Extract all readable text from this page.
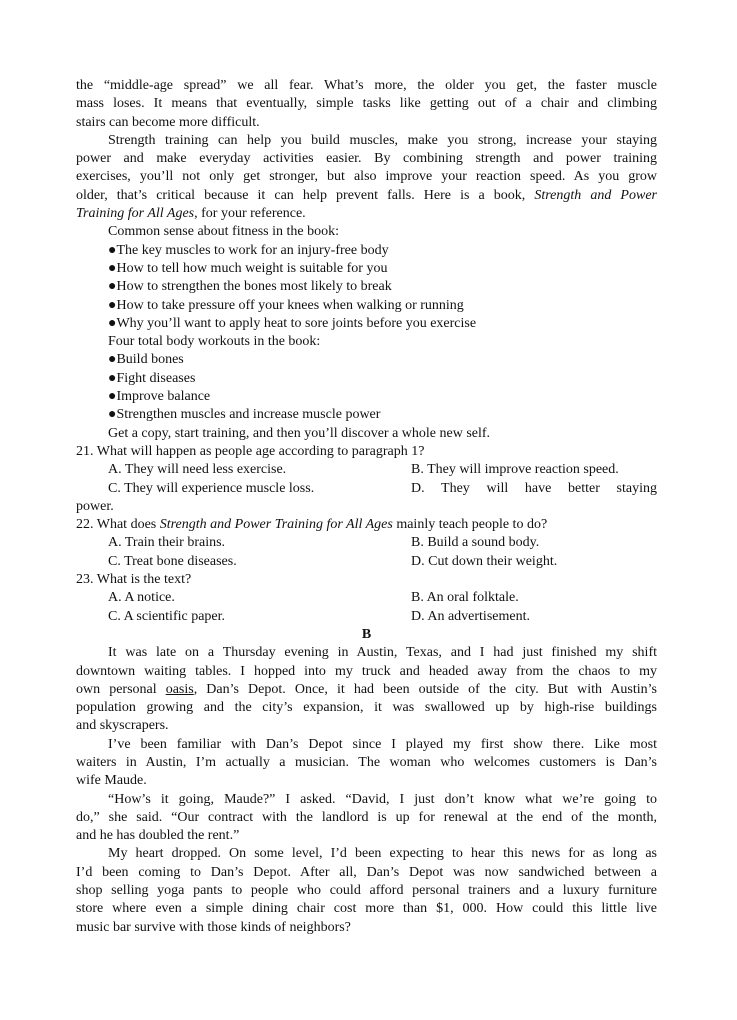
the “middle-age spread” we all fear. What’s more, the older you get, the faster muscle
mass loses. It means that eventually, simple tasks like getting out of a chair and climbing
stairs can become more difficult.
Strength training can help you build muscles, make you strong, increase your staying
power and make everyday activities easier. By combining strength and power training
exercises, you’ll not only get stronger, but also improve your reaction speed. As you grow
older, that’s critical because it can help prevent falls. Here is a book, Strength and Power
Training for All Ages, for your reference.
Common sense about fitness in the book:
●The key muscles to work for an injury-free body
●How to tell how much weight is suitable for you
●How to strengthen the bones most likely to break
●How to take pressure off your knees when walking or running
●Why you’ll want to apply heat to sore joints before you exercise
Four total body workouts in the book:
●Build bones
●Fight diseases
●Improve balance
●Strengthen muscles and increase muscle power
Get a copy, start training, and then you’ll discover a whole new self.
21. What will happen as people age according to paragraph 1?
A. They will need less exercise.	B. They will improve reaction speed.
C. They will experience muscle loss.	D. They will have better staying
power.
22. What does Strength and Power Training for All Ages mainly teach people to do?
A. Train their brains.	B. Build a sound body.
C. Treat bone diseases.	D. Cut down their weight.
23. What is the text?
A. A notice.	B. An oral folktale.
C. A scientific paper.	D. An advertisement.
B
It was late on a Thursday evening in Austin, Texas, and I had just finished my shift
downtown waiting tables. I hopped into my truck and headed away from the chaos to my
own personal oasis, Dan’s Depot. Once, it had been outside of the city. But with Austin’s
population growing and the city’s expansion, it was swallowed up by high-rise buildings
and skyscrapers.
I’ve been familiar with Dan’s Depot since I played my first show there. Like most
waiters in Austin, I’m actually a musician. The woman who welcomes customers is Dan’s
wife Maude.
“How’s it going, Maude?” I asked. “David, I just don’t know what we’re going to
do,” she said. “Our contract with the landlord is up for renewal at the end of the month,
and he has doubled the rent.”
My heart dropped. On some level, I’d been expecting to hear this news for as long as
I’d been coming to Dan’s Depot. After all, Dan’s Depot was now sandwiched between a
shop selling yoga pants to people who could afford personal trainers and a luxury furniture
store where even a simple dining chair cost more than $1, 000. How could this little live
music bar survive with those kinds of neighbors?
